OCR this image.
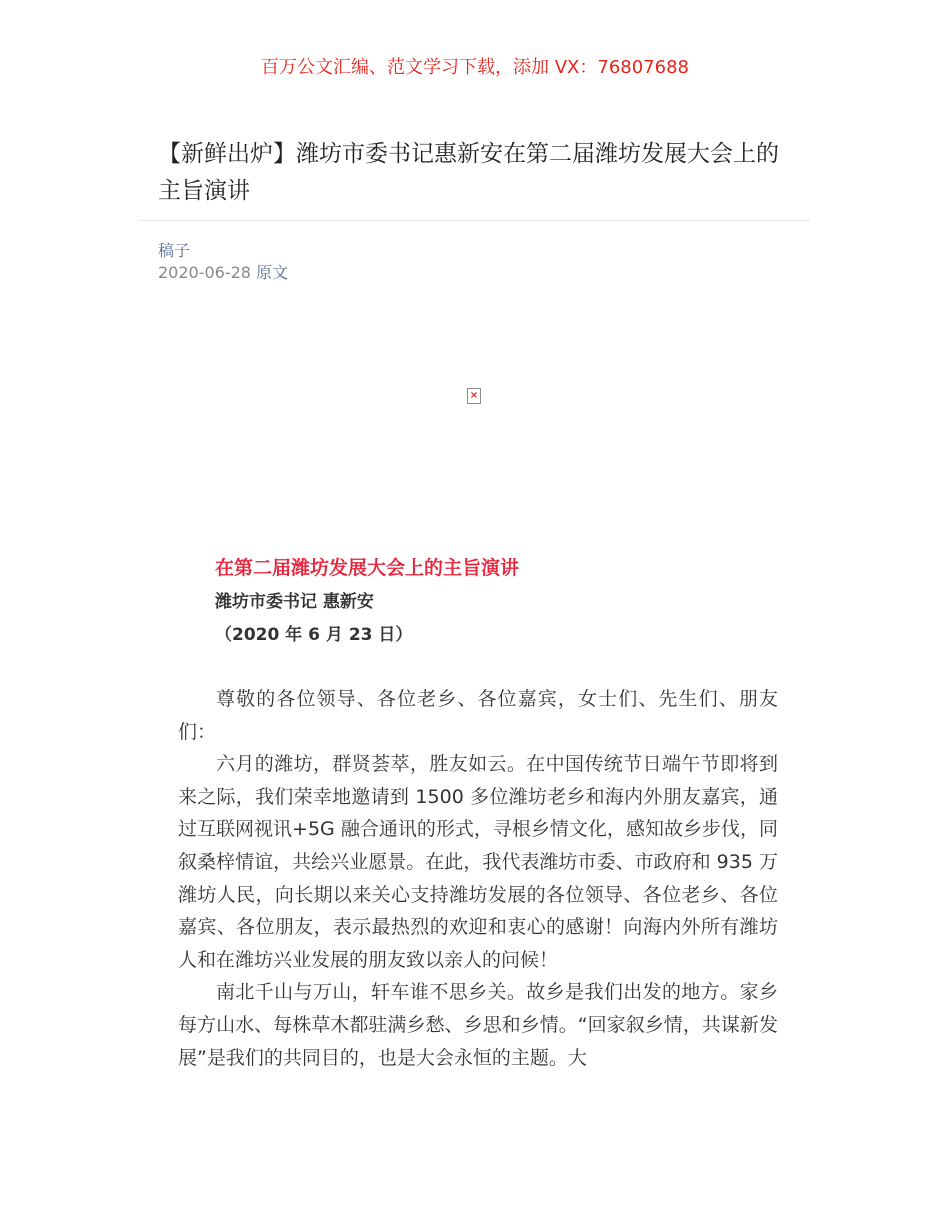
百万公文汇编、范文学习下载，添加 VX：76807688
【新鲜出炉】潍坊市委书记惠新安在第二届潍坊发展大会上的主旨演讲
稿子
2020-06-28 原文
×
在第二届潍坊发展大会上的主旨演讲
潍坊市委书记 惠新安
（2020 年 6 月 23 日）

尊敬的各位领导、各位老乡、各位嘉宾，女士们、先生们、朋友们：

六月的潍坊，群贤荟萃，胜友如云。在中国传统节日端午节即将到来之际，我们荣幸地邀请到 1500 多位潍坊老乡和海内外朋友嘉宾，通过互联网视讯+5G 融合通讯的形式，寻根乡情文化，感知故乡步伐，同叙桑梓情谊，共绘兴业愿景。在此，我代表潍坊市委、市政府和 935 万潍坊人民，向长期以来关心支持潍坊发展的各位领导、各位老乡、各位嘉宾、各位朋友，表示最热烈的欢迎和衷心的感谢！向海内外所有潍坊人和在潍坊兴业发展的朋友致以亲人的问候！

南北千山与万山，轩车谁不思乡关。故乡是我们出发的地方。家乡每方山水、每株草木都驻满乡愁、乡思和乡情。“回家叙乡情，共谋新发展”是我们的共同目的，也是大会永恒的主题。大
